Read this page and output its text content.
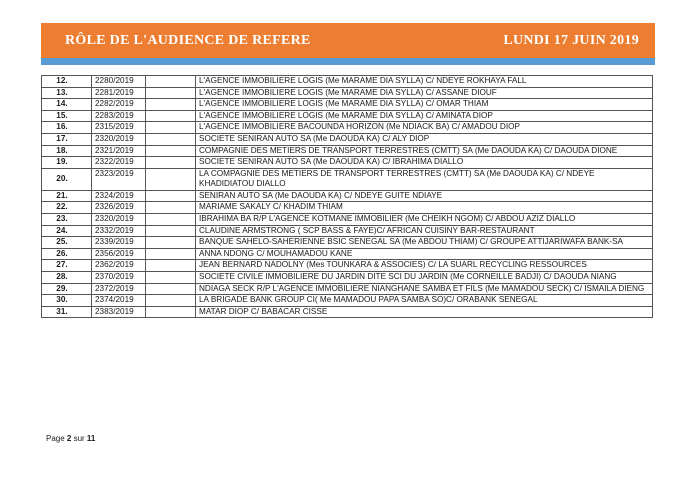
RÔLE DE L'AUDIENCE DE REFERE	LUNDI 17 JUIN 2019
12.	2280/2019		L'AGENCE IMMOBILIERE LOGIS (Me MARAME DIA SYLLA) C/ NDEYE ROKHAYA FALL
13.	2281/2019		L'AGENCE IMMOBILIERE LOGIS (Me MARAME DIA SYLLA) C/ ASSANE DIOUF
14.	2282/2019		L'AGENCE IMMOBILIERE LOGIS (Me MARAME DIA SYLLA) C/ OMAR THIAM
15.	2283/2019		L'AGENCE IMMOBILIERE LOGIS (Me MARAME DIA SYLLA) C/ AMINATA DIOP
16.	2315/2019		L'AGENCE IMMOBILIERE BACOUNDA HORIZON (Me NDIACK BA) C/ AMADOU DIOP
17.	2320/2019		SOCIETE SENIRAN AUTO SA (Me DAOUDA KA) C/ ALY DIOP
18.	2321/2019		COMPAGNIE DES METIERS DE TRANSPORT TERRESTRES (CMTT) SA (Me DAOUDA KA) C/ DAOUDA DIONE
19.	2322/2019		SOCIETE SENIRAN AUTO SA (Me DAOUDA KA) C/ IBRAHIMA DIALLO
20.	2323/2019		LA COMPAGNIE DES METIERS DE TRANSPORT TERRESTRES (CMTT) SA (Me DAOUDA KA) C/ NDEYE KHADIDIATOU DIALLO
21.	2324/2019		SENIRAN AUTO SA (Me DAOUDA KA) C/ NDEYE GUITE NDIAYE
22.	2326/2019		MARIAME SAKALY C/ KHADIM THIAM
23.	2320/2019		IBRAHIMA BA R/P L'AGENCE KOTMANE IMMOBILIER (Me CHEIKH NGOM) C/ ABDOU AZIZ DIALLO
24.	2332/2019		CLAUDINE ARMSTRONG ( SCP BASS & FAYE)C/ AFRICAN CUISINY BAR-RESTAURANT
25.	2339/2019		BANQUE SAHELO-SAHERIENNE BSIC SENEGAL SA (Me ABDOU THIAM) C/ GROUPE ATTIJARIWAFA BANK-SA
26.	2356/2019		ANNA NDONG C/ MOUHAMADOU KANE
27.	2362/2019		JEAN BERNARD NADOLNY (Mes TOUNKARA & ASSOCIES) C/ LA SUARL RECYCLING RESSOURCES
28.	2370/2019		SOCIETE CIVILE IMMOBILIERE DU JARDIN DITE SCI DU JARDIN (Me CORNEILLE BADJI) C/ DAOUDA NIANG
29.	2372/2019		NDIAGA SECK R/P L'AGENCE IMMOBILIERE NIANGHANE SAMBA ET FILS (Me MAMADOU SECK) C/ ISMAILA DIENG
30.	2374/2019		LA BRIGADE BANK GROUP CI( Me MAMADOU PAPA SAMBA SO)C/ ORABANK SENEGAL
31.	2383/2019		MATAR DIOP C/ BABACAR CISSE
Page 2 sur 11
